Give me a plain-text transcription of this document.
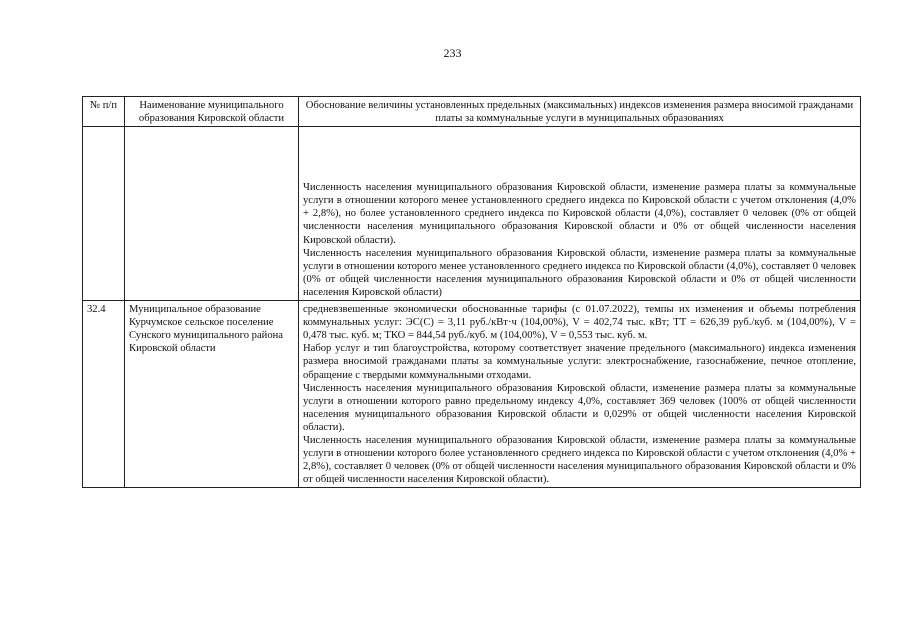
233
№ п/п	Наименование муниципального образования Кировской области	Обоснование величины установленных предельных (максимальных) индексов изменения размера вносимой гражданами платы за коммунальные услуги в муниципальных образованиях

		Численность населения муниципального образования Кировской области, изменение размера платы за коммунальные услуги в отношении которого менее установленного среднего индекса по Кировской области с учетом отклонения (4,0% + 2,8%), но более установленного среднего индекса по Кировской области (4,0%), составляет 0 человек (0% от общей численности населения муниципального образования Кировской области и 0% от общей численности населения Кировской области).

Численность населения муниципального образования Кировской области, изменение размера платы за коммунальные услуги в отношении которого менее установленного среднего индекса по Кировской области (4,0%), составляет 0 человек (0% от общей численности населения муниципального образования Кировской области и 0% от общей численности населения Кировской области)

32.4	Муниципальное образование Курчумское сельское поселение Сунского муниципального района Кировской области	средневзвешенные экономически обоснованные тарифы (с 01.07.2022), темпы их изменения и объемы потребления коммунальных услуг: ЭС(С) = 3,11 руб./кВт·ч (104,00%), V = 402,74 тыс. кВт; ТТ = 626,39 руб./куб. м (104,00%), V = 0,478 тыс. куб. м; ТКО = 844,54 руб./куб. м (104,00%), V = 0,553 тыс. куб. м.

Набор услуг и тип благоустройства, которому соответствует значение предельного (максимального) индекса изменения размера вносимой гражданами платы за коммунальные услуги: электроснабжение, газоснабжение, печное отопление, обращение с твердыми коммунальными отходами.

Численность населения муниципального образования Кировской области, изменение размера платы за коммунальные услуги в отношении которого равно предельному индексу 4,0%, составляет 369 человек (100% от общей численности населения муниципального образования Кировской области и 0,029% от общей численности населения Кировской области).

Численность населения муниципального образования Кировской области, изменение размера платы за коммунальные услуги в отношении которого более установленного среднего индекса по Кировской области с учетом отклонения (4,0% + 2,8%), составляет 0 человек (0% от общей численности населения муниципального образования Кировской области и 0% от общей численности населения Кировской области).
